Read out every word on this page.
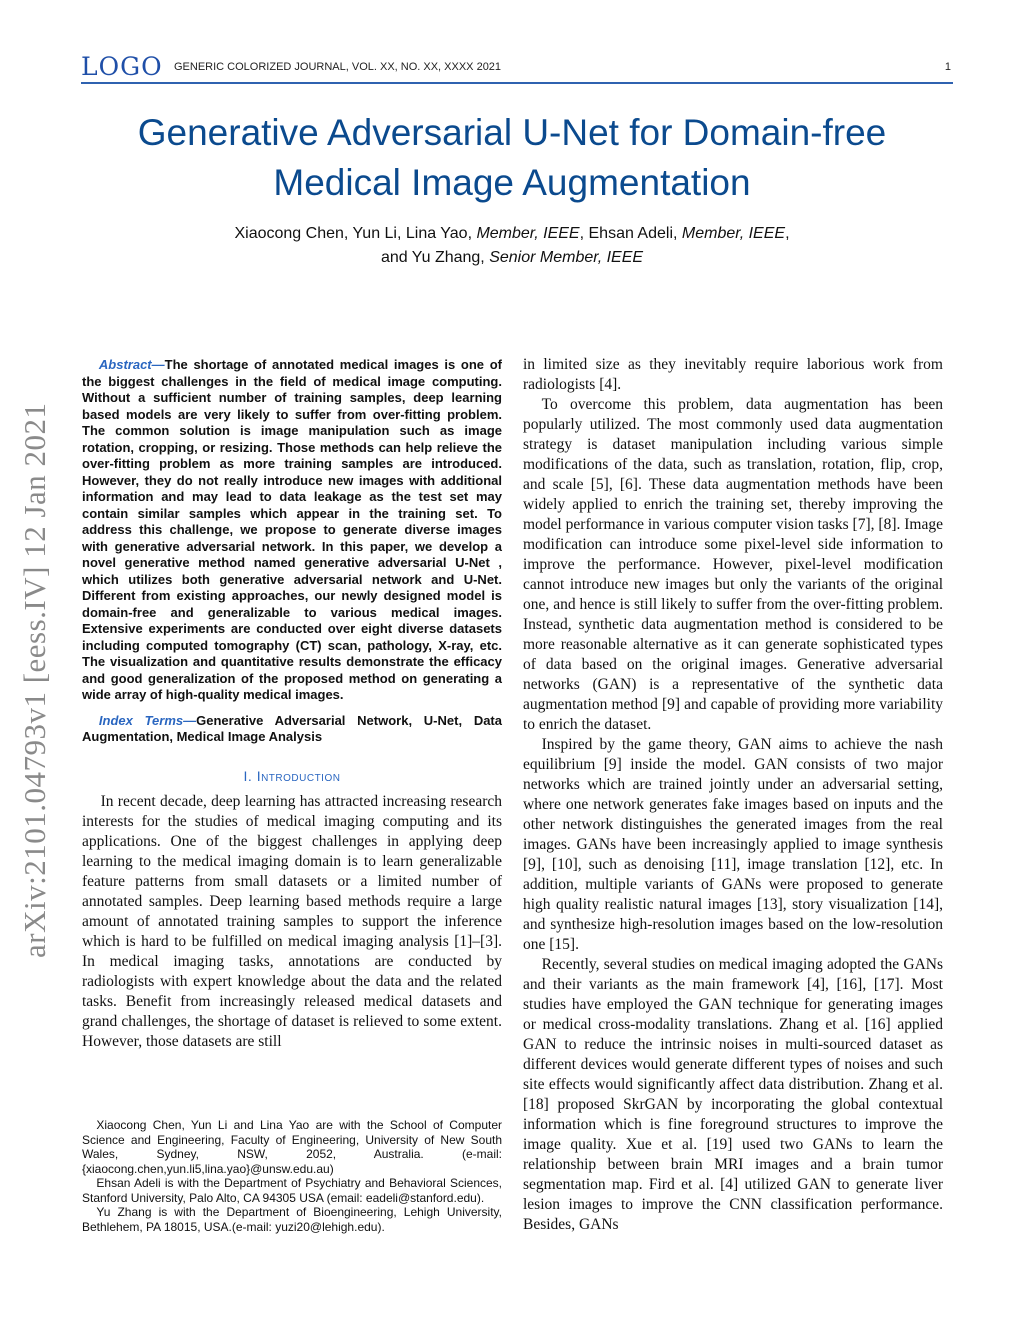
LOGO GENERIC COLORIZED JOURNAL, VOL. XX, NO. XX, XXXX 2021	1
Generative Adversarial U-Net for Domain-free
Medical Image Augmentation
Xiaocong Chen, Yun Li, Lina Yao, Member, IEEE, Ehsan Adeli, Member, IEEE,
and Yu Zhang, Senior Member, IEEE
arXiv:2101.04793v1 [eess.IV] 12 Jan 2021
Abstract—The shortage of annotated medical images is one of the biggest challenges in the field of medical image computing. Without a sufficient number of training samples, deep learning based models are very likely to suffer from over-fitting problem. The common solution is image manipulation such as image rotation, cropping, or resizing. Those methods can help relieve the over-fitting problem as more training samples are introduced. However, they do not really introduce new images with additional information and may lead to data leakage as the test set may contain similar samples which appear in the training set. To address this challenge, we propose to generate diverse images with generative adversarial network. In this paper, we develop a novel generative method named generative adversarial U-Net , which utilizes both generative adversarial network and U-Net. Different from existing approaches, our newly designed model is domain-free and generalizable to various medical images. Extensive experiments are conducted over eight diverse datasets including computed tomography (CT) scan, pathology, X-ray, etc. The visualization and quantitative results demonstrate the efficacy and good generalization of the proposed method on generating a wide array of high-quality medical images.
Index Terms—Generative Adversarial Network, U-Net, Data Augmentation, Medical Image Analysis
I. Introduction

In recent decade, deep learning has attracted increasing research interests for the studies of medical imaging computing and its applications. One of the biggest challenges in applying deep learning to the medical imaging domain is to learn generalizable feature patterns from small datasets or a limited number of annotated samples. Deep learning based methods require a large amount of annotated training samples to support the inference which is hard to be fulfilled on medical imaging analysis [1]–[3]. In medical imaging tasks, annotations are conducted by radiologists with expert knowledge about the data and the related tasks. Benefit from increasingly released medical datasets and grand challenges, the shortage of dataset is relieved to some extent. However, those datasets are still

Xiaocong Chen, Yun Li and Lina Yao are with the School of Computer Science and Engineering, Faculty of Engineering, University of New South Wales, Sydney, NSW, 2052, Australia. (e-mail: {xiaocong.chen,yun.li5,lina.yao}@unsw.edu.au)

Ehsan Adeli is with the Department of Psychiatry and Behavioral Sciences, Stanford University, Palo Alto, CA 94305 USA (email: eadeli@stanford.edu).

Yu Zhang is with the Department of Bioengineering, Lehigh University, Bethlehem, PA 18015, USA.(e-mail: yuzi20@lehigh.edu).

in limited size as they inevitably require laborious work from radiologists [4].

To overcome this problem, data augmentation has been popularly utilized. The most commonly used data augmentation strategy is dataset manipulation including various simple modifications of the data, such as translation, rotation, flip, crop, and scale [5], [6]. These data augmentation methods have been widely applied to enrich the training set, thereby improving the model performance in various computer vision tasks [7], [8]. Image modification can introduce some pixel-level side information to improve the performance. However, pixel-level modification cannot introduce new images but only the variants of the original one, and hence is still likely to suffer from the over-fitting problem. Instead, synthetic data augmentation method is considered to be more reasonable alternative as it can generate sophisticated types of data based on the original images. Generative adversarial networks (GAN) is a representative of the synthetic data augmentation method [9] and capable of providing more variability to enrich the dataset.

Inspired by the game theory, GAN aims to achieve the nash equilibrium [9] inside the model. GAN consists of two major networks which are trained jointly under an adversarial setting, where one network generates fake images based on inputs and the other network distinguishes the generated images from the real images. GANs have been increasingly applied to image synthesis [9], [10], such as denoising [11], image translation [12], etc. In addition, multiple variants of GANs were proposed to generate high quality realistic natural images [13], story visualization [14], and synthesize high-resolution images based on the low-resolution one [15].

Recently, several studies on medical imaging adopted the GANs and their variants as the main framework [4], [16], [17]. Most studies have employed the GAN technique for generating images or medical cross-modality translations. Zhang et al. [16] applied GAN to reduce the intrinsic noises in multi-sourced dataset as different devices would generate different types of noises and such site effects would significantly affect data distribution. Zhang et al. [18] proposed SkrGAN by incorporating the global contextual information which is fine foreground structures to improve the image quality. Xue et al. [19] used two GANs to learn the relationship between brain MRI images and a brain tumor segmentation map. Fird et al. [4] utilized GAN to generate liver lesion images to improve the CNN classification performance. Besides, GANs
